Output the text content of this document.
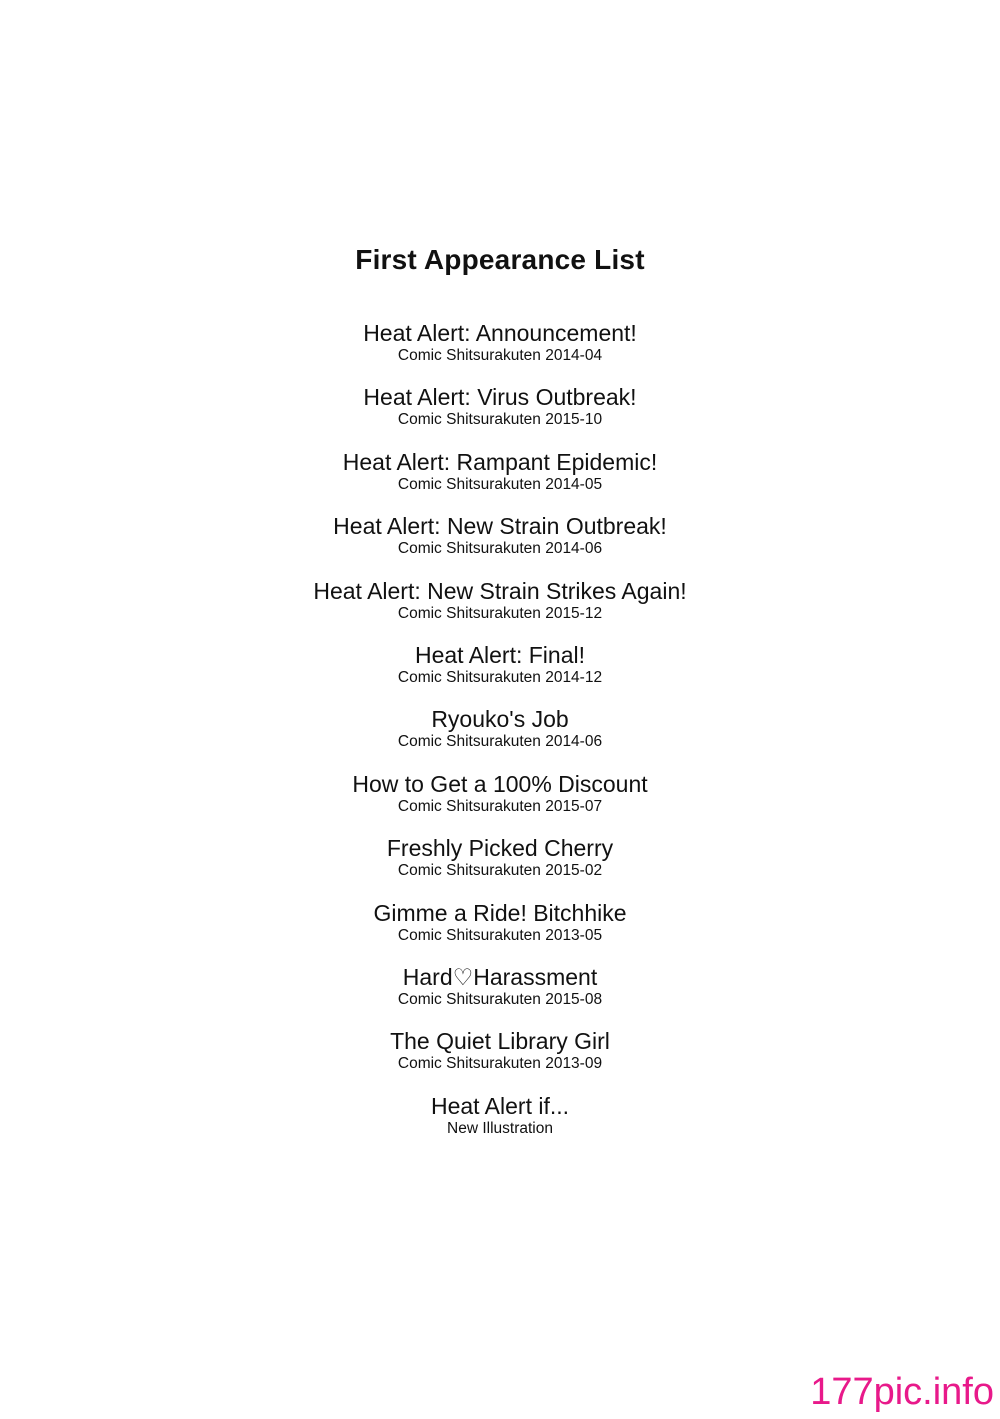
First Appearance List
Heat Alert: Announcement!
Comic Shitsurakuten 2014-04
Heat Alert: Virus Outbreak!
Comic Shitsurakuten 2015-10
Heat Alert: Rampant Epidemic!
Comic Shitsurakuten 2014-05
Heat Alert: New Strain Outbreak!
Comic Shitsurakuten 2014-06
Heat Alert: New Strain Strikes Again!
Comic Shitsurakuten 2015-12
Heat Alert: Final!
Comic Shitsurakuten 2014-12
Ryouko's Job
Comic Shitsurakuten 2014-06
How to Get a 100% Discount
Comic Shitsurakuten 2015-07
Freshly Picked Cherry
Comic Shitsurakuten 2015-02
Gimme a Ride! Bitchhike
Comic Shitsurakuten 2013-05
Hard♡Harassment
Comic Shitsurakuten 2015-08
The Quiet Library Girl
Comic Shitsurakuten 2013-09
Heat Alert if...
New Illustration
177pic.info
